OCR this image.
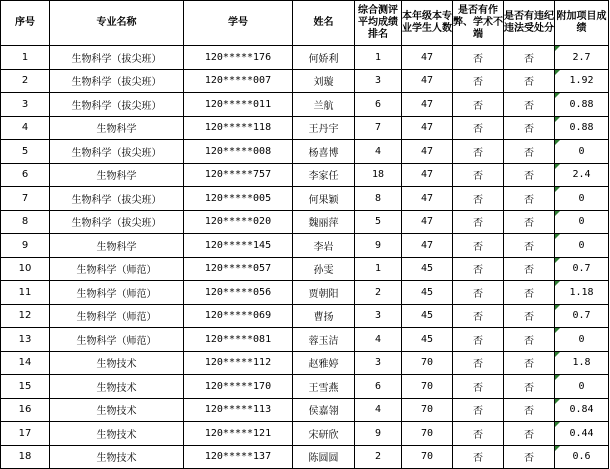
序号	专业名称	学号	姓名	综合测评平均成绩排名	本年级本专业学生人数	是否有作弊、学术不端	是否有违纪违法受处分	附加项目成绩
1	生物科学（拔尖班）	120*****176	何娇利	1	47	否	否	2.7
2	生物科学（拔尖班）	120*****007	刘璇	3	47	否	否	1.92
3	生物科学（拔尖班）	120*****011	兰航	6	47	否	否	0.88
4	生物科学	120*****118	王丹宇	7	47	否	否	0.88
5	生物科学（拔尖班）	120*****008	杨喜博	4	47	否	否	0
6	生物科学	120*****757	李家任	18	47	否	否	2.4
7	生物科学（拔尖班）	120*****005	何果颖	8	47	否	否	0
8	生物科学（拔尖班）	120*****020	魏丽萍	5	47	否	否	0
9	生物科学	120*****145	李岩	9	47	否	否	0
10	生物科学（师范）	120*****057	孙雯	1	45	否	否	0.7
11	生物科学（师范）	120*****056	贾朝阳	2	45	否	否	1.18
12	生物科学（师范）	120*****069	曹扬	3	45	否	否	0.7
13	生物科学（师范）	120*****081	蓉玉洁	4	45	否	否	0
14	生物技术	120*****112	赵雅婷	3	70	否	否	1.8
15	生物技术	120*****170	王雪燕	6	70	否	否	0
16	生物技术	120*****113	侯嘉翎	4	70	否	否	0.84
17	生物技术	120*****121	宋研欣	9	70	否	否	0.44
18	生物技术	120*****137	陈圆圆	2	70	否	否	0.6
